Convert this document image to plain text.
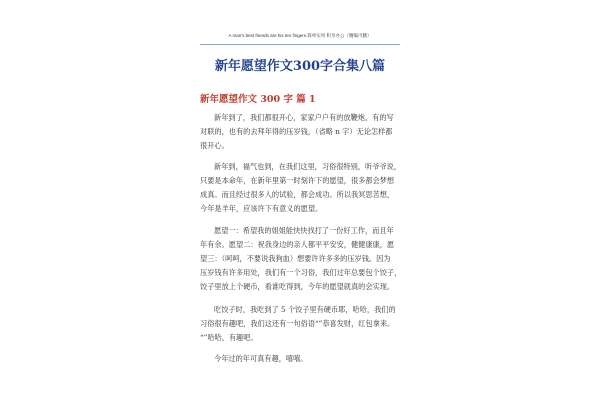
A man's best friends are his ten fingers.简单实用 积享办公（精编可删）
新年愿望作文300字合集八篇
新年愿望作文 300 字 篇 1
新年到了，我们都很开心，家家户户有的放鞭炮，有的写
对联的，也有的去拜年得的压岁钱，（省略 n 字）无论怎样都
很开心。
新年到，福气也到，在我们这里，习俗很特别，听爷爷说，
只要是本命年，在新年里第一时刻许下的愿望，很多都会梦想
成真。而且经过很多人的试验，都会成功。所以我冥思苦想，
今年是羊年，应该许下有意义的愿望。
愿望一：希望我的姐姐能快快找打了一份好工作，而且年
年有余。愿望二：祝我身边的亲人都平平安安，健健康康，愿
望三：（呵呵，不要说我狗血）想要许许多多的压岁钱。因为
压岁钱有许多用处，我们有一个习俗，我们过年总要包个饺子，
饺子里放上个硬币，看谁吃得到，今年的愿望就真的会实现。
吃饺子时，我吃到了 5 个饺子里有硬币耶，哈哈，我们的
习俗很有趣吧，我们这还有一句俗语“”恭喜发财，红包拿来。
“”哈哈，有趣吧。
今年过的年可真有趣，嘻嘻。
